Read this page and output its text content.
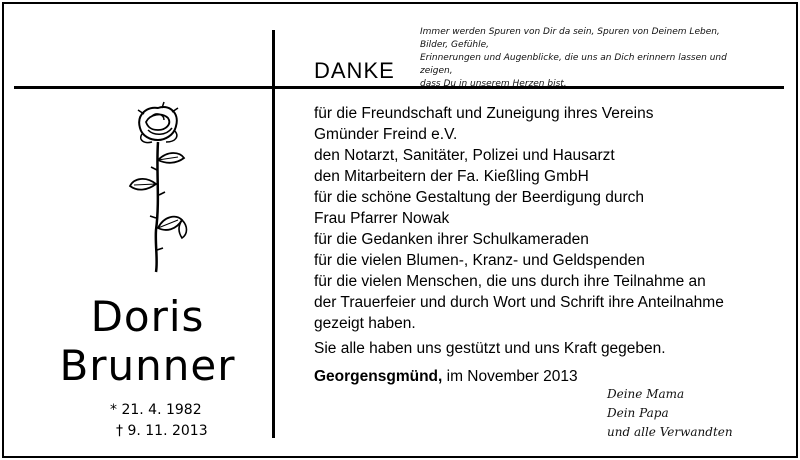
Immer werden Spuren von Dir da sein, Spuren von Deinem Leben, Bilder, Gefühle,
Erinnerungen und Augenblicke, die uns an Dich erinnern lassen und zeigen,
dass Du in unserem Herzen bist.
DANKE
für die Freundschaft und Zuneigung ihres Vereins
Gmünder Freind e.V.
den Notarzt, Sanitäter, Polizei und Hausarzt
den Mitarbeitern der Fa. Kießling GmbH
für die schöne Gestaltung der Beerdigung durch
Frau Pfarrer Nowak
für die Gedanken ihrer Schulkameraden
für die vielen Blumen-, Kranz- und Geldspenden
für die vielen Menschen, die uns durch ihre Teilnahme an
der Trauerfeier und durch Wort und Schrift ihre Anteilnahme
gezeigt haben.
Sie alle haben uns gestützt und uns Kraft gegeben.
Georgensgmünd, im November 2013
Deine Mama
Dein Papa
und alle Verwandten
Doris
Brunner
* 21. 4. 1982
† 9. 11. 2013
